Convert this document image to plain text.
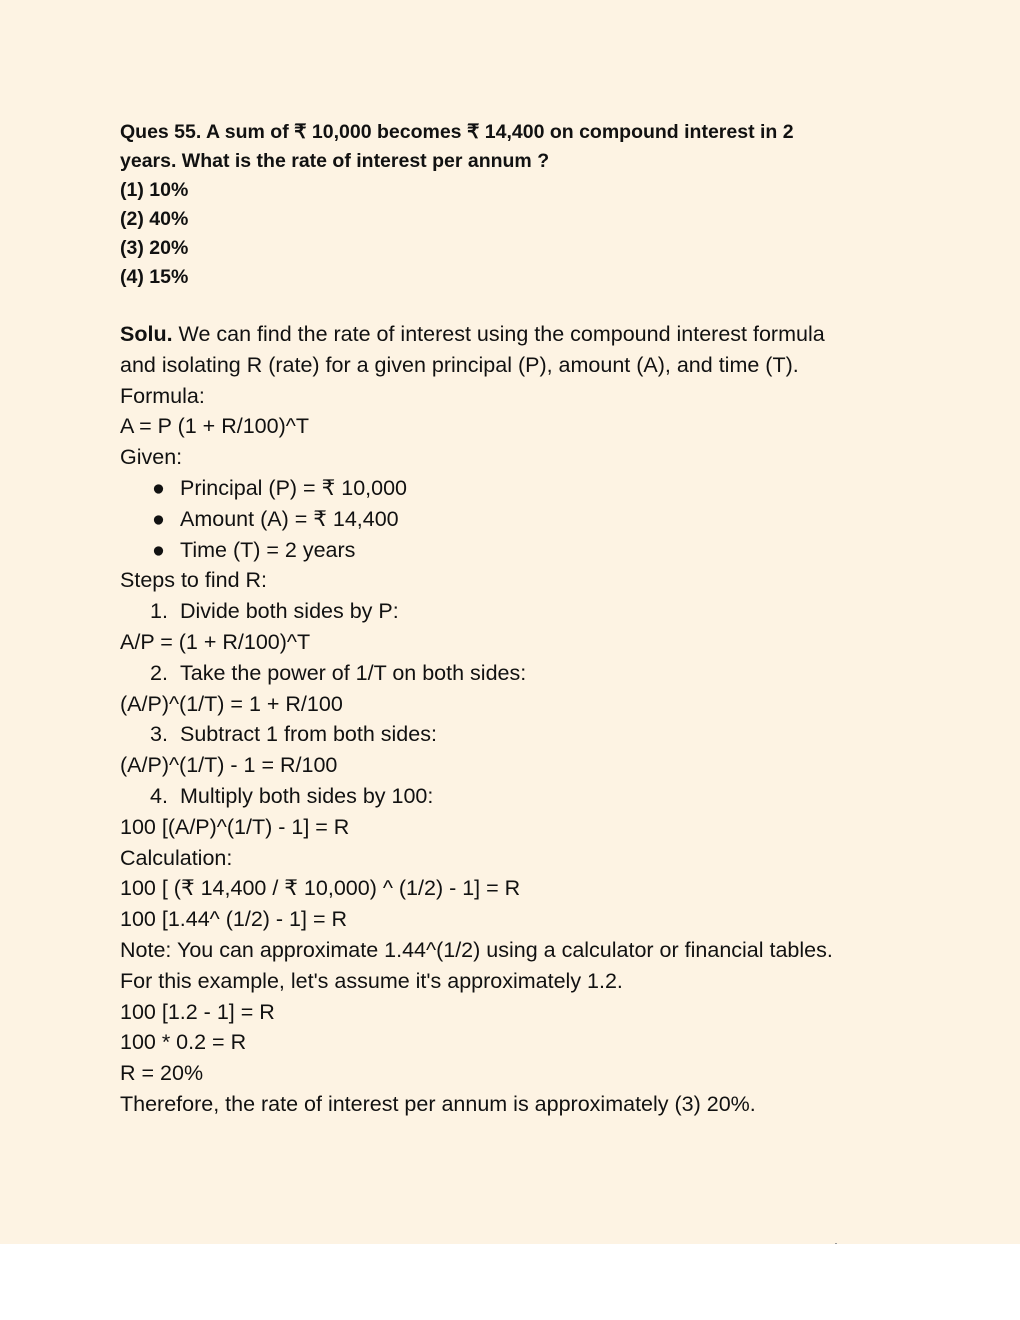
Ques 55. A sum of ₹ 10,000 becomes ₹ 14,400 on compound interest in 2
years. What is the rate of interest per annum ?
(1) 10%
(2) 40%
(3) 20%
(4) 15%
Solu. We can find the rate of interest using the compound interest formula
and isolating R (rate) for a given principal (P), amount (A), and time (T).
Formula:
A = P (1 + R/100)^T
Given:
● Principal (P) = ₹ 10,000
● Amount (A) = ₹ 14,400
● Time (T) = 2 years
Steps to find R:
1. Divide both sides by P:
A/P = (1 + R/100)^T
2. Take the power of 1/T on both sides:
(A/P)^(1/T) = 1 + R/100
3. Subtract 1 from both sides:
(A/P)^(1/T) - 1 = R/100
4. Multiply both sides by 100:
100 [(A/P)^(1/T) - 1] = R
Calculation:
100 [ (₹ 14,400 / ₹ 10,000) ^ (1/2) - 1] = R
100 [1.44^ (1/2) - 1] = R
Note: You can approximate 1.44^(1/2) using a calculator or financial tables.
For this example, let's assume it's approximately 1.2.
100 [1.2 - 1] = R
100 * 0.2 = R
R = 20%
Therefore, the rate of interest per annum is approximately (3) 20%.
